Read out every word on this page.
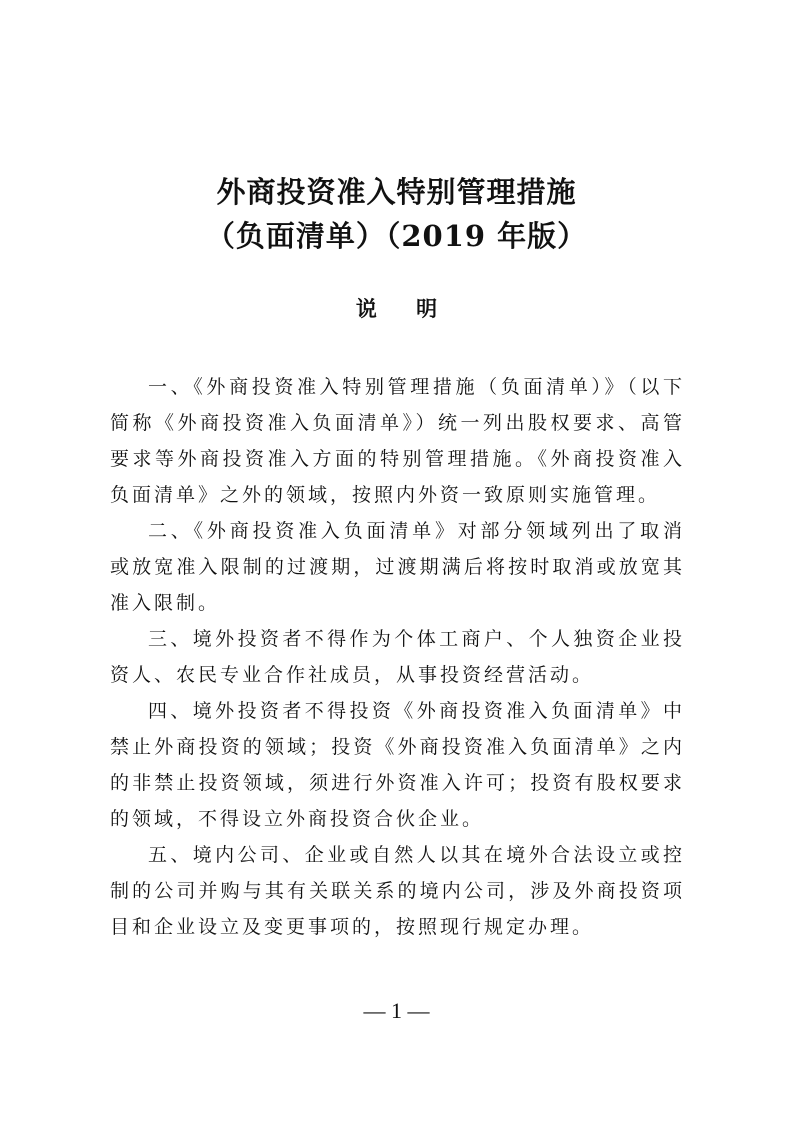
外商投资准入特别管理措施
（负面清单）（2019 年版）
说 明

一、《外商投资准入特别管理措施（负面清单）》（以下简称《外商投资准入负面清单》）统一列出股权要求、高管要求等外商投资准入方面的特别管理措施。《外商投资准入负面清单》之外的领域，按照内外资一致原则实施管理。

二、《外商投资准入负面清单》对部分领域列出了取消或放宽准入限制的过渡期，过渡期满后将按时取消或放宽其准入限制。

三、境外投资者不得作为个体工商户、个人独资企业投资人、农民专业合作社成员，从事投资经营活动。

四、境外投资者不得投资《外商投资准入负面清单》中禁止外商投资的领域；投资《外商投资准入负面清单》之内的非禁止投资领域，须进行外资准入许可；投资有股权要求的领域，不得设立外商投资合伙企业。

五、境内公司、企业或自然人以其在境外合法设立或控制的公司并购与其有关联关系的境内公司，涉及外商投资项目和企业设立及变更事项的，按照现行规定办理。

— 1 —
